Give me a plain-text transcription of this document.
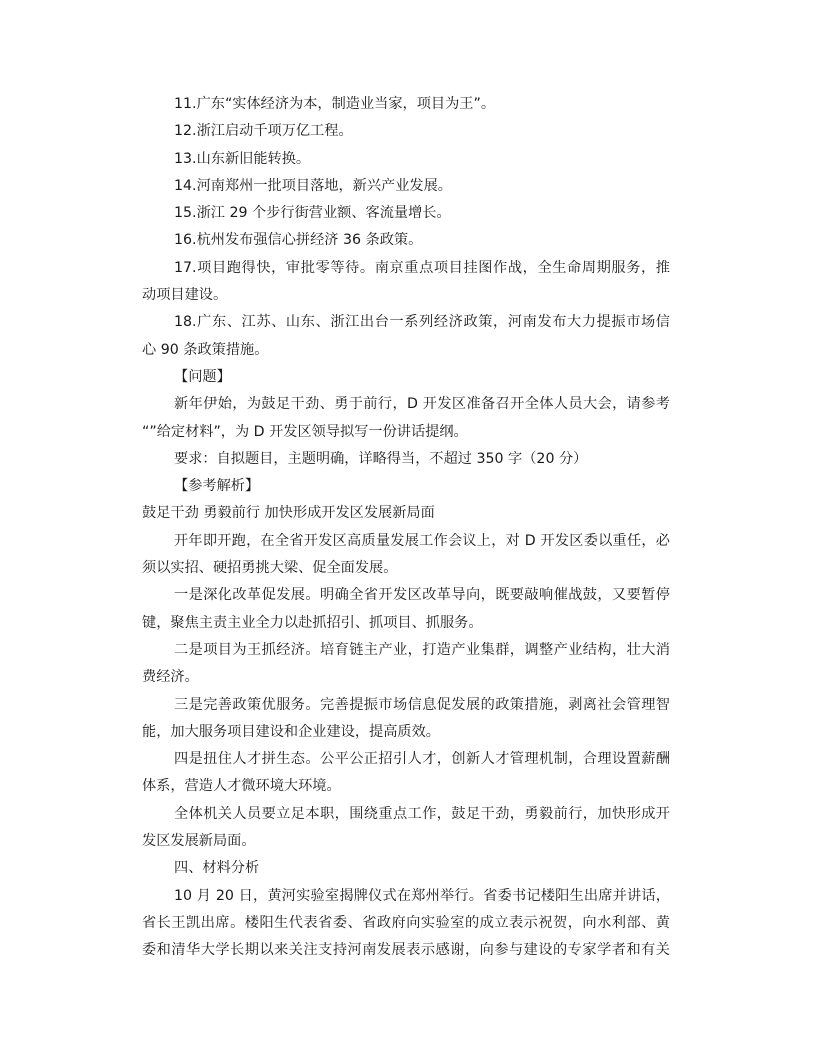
11.广东“实体经济为本，制造业当家，项目为王”。
12.浙江启动千项万亿工程。
13.山东新旧能转换。
14.河南郑州一批项目落地，新兴产业发展。
15.浙江 29 个步行街营业额、客流量增长。
16.杭州发布强信心拼经济 36 条政策。
17.项目跑得快，审批零等待。南京重点项目挂图作战，全生命周期服务，推
动项目建设。
18.广东、江苏、山东、浙江出台一系列经济政策，河南发布大力提振市场信
心 90 条政策措施。
【问题】
新年伊始，为鼓足干劲、勇于前行，D 开发区准备召开全体人员大会，请参考
“”给定材料”，为 D 开发区领导拟写一份讲话提纲。
要求：自拟题目，主题明确，详略得当，不超过 350 字（20 分）
【参考解析】
鼓足干劲 勇毅前行 加快形成开发区发展新局面
开年即开跑，在全省开发区高质量发展工作会议上，对 D 开发区委以重任，必
须以实招、硬招勇挑大梁、促全面发展。
一是深化改革促发展。明确全省开发区改革导向，既要敲响催战鼓，又要暂停
键，聚焦主责主业全力以赴抓招引、抓项目、抓服务。
二是项目为王抓经济。培育链主产业，打造产业集群，调整产业结构，壮大消
费经济。
三是完善政策优服务。完善提振市场信息促发展的政策措施，剥离社会管理智
能，加大服务项目建设和企业建设，提高质效。
四是扭住人才拼生态。公平公正招引人才，创新人才管理机制，合理设置薪酬
体系，营造人才微环境大环境。
全体机关人员要立足本职，围绕重点工作，鼓足干劲，勇毅前行，加快形成开
发区发展新局面。
四、材料分析
10 月 20 日，黄河实验室揭牌仪式在郑州举行。省委书记楼阳生出席并讲话，
省长王凯出席。楼阳生代表省委、省政府向实验室的成立表示祝贺，向水利部、黄
委和清华大学长期以来关注支持河南发展表示感谢，向参与建设的专家学者和有关
